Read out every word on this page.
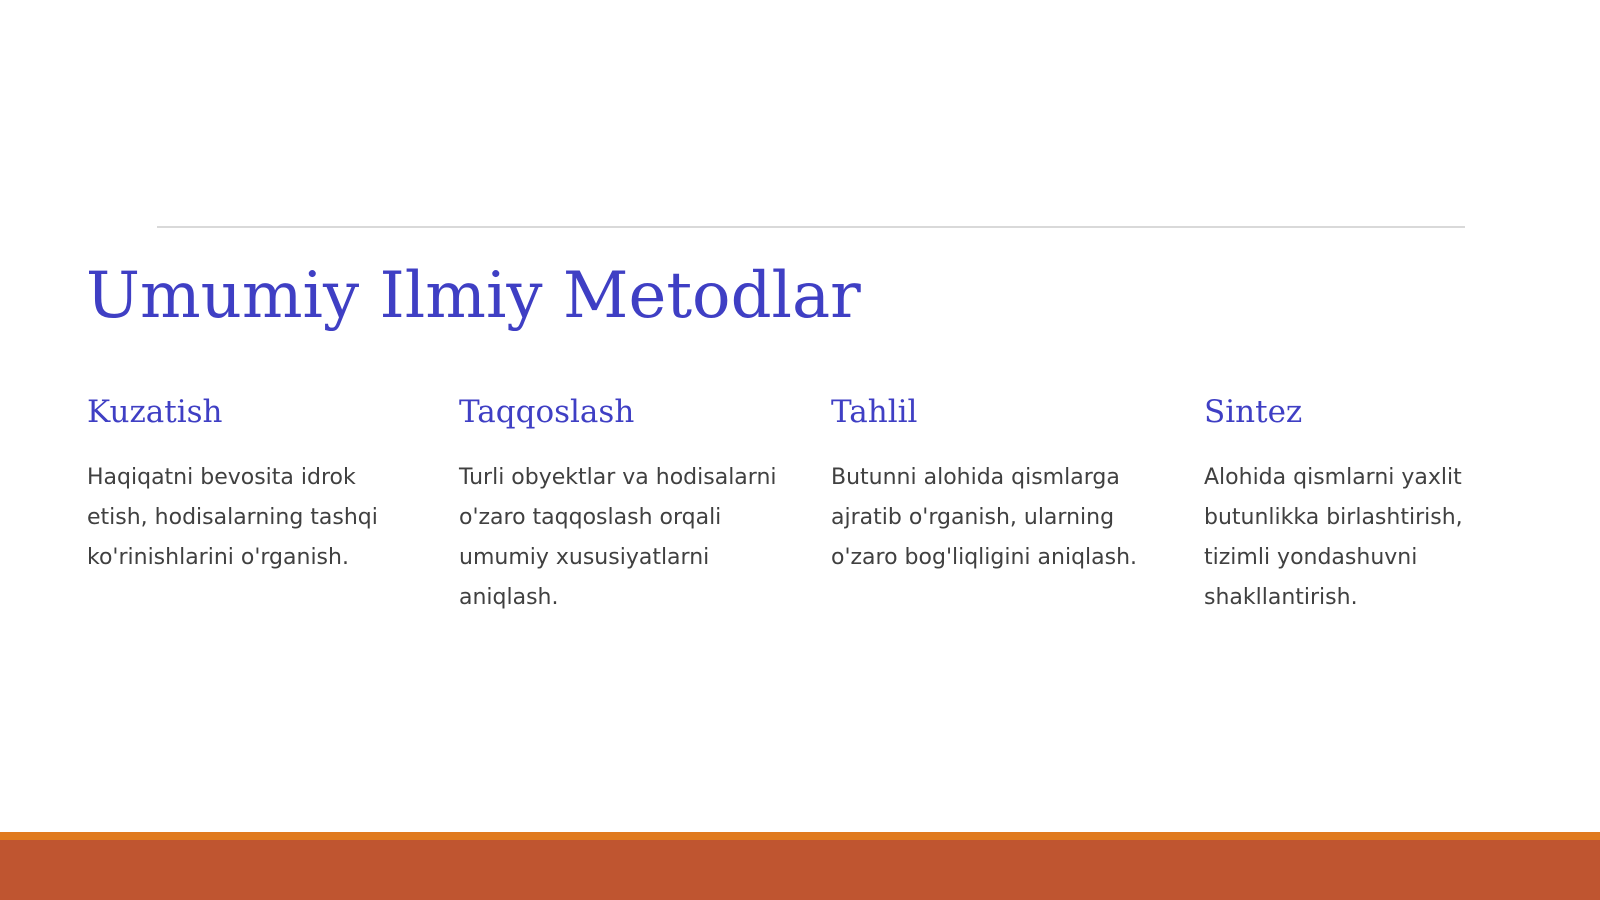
Umumiy Ilmiy Metodlar
Kuzatish

Haqiqatni bevosita idrok etish, hodisalarning tashqi ko'rinishlarini o'rganish.

Taqqoslash

Turli obyektlar va hodisalarni o'zaro taqqoslash orqali umumiy xususiyatlarni aniqlash.

Tahlil

Butunni alohida qismlarga ajratib o'rganish, ularning o'zaro bog'liqligini aniqlash.

Sintez

Alohida qismlarni yaxlit butunlikka birlashtirish, tizimli yondashuvni shakllantirish.
